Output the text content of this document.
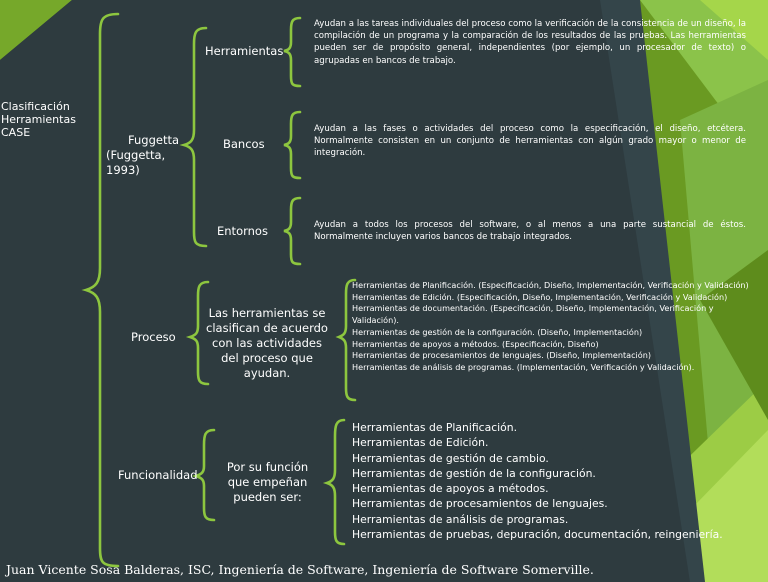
Clasificación

Herramientas

CASE

Fuggetta

(Fuggetta,

1993)

Herramientas
Ayudan a las tareas individuales del proceso como la verificación de la consistencia de un diseño, la compilación de un programa y la comparación de los resultados de las pruebas. Las herramientas pueden ser de propósito general, independientes (por ejemplo, un procesador de texto) o agrupadas en bancos de trabajo.
Bancos
Ayudan a las fases o actividades del proceso como la especificación, el diseño, etcétera. Normalmente consisten en un conjunto de herramientas con algún grado mayor o menor de integración.
Entornos	Ayudan a todos los procesos del software, o al menos a una parte sustancial de éstos. Normalmente incluyen varios bancos de trabajo integrados.
Proceso
Las herramientas se clasifican de acuerdo con las actividades del proceso que ayudan.

Herramientas de Planificación. (Especificación, Diseño, Implementación, Verificación y Validación)

Herramientas de Edición. (Especificación, Diseño, Implementación, Verificación y Validación)

Herramientas de documentación. (Especificación, Diseño, Implementación, Verificación y Validación).

Herramientas de gestión de la configuración. (Diseño, Implementación)

Herramientas de apoyos a métodos. (Especificación, Diseño)

Herramientas de procesamientos de lenguajes. (Diseño, Implementación)

Herramientas de análisis de programas. (Implementación, Verificación y Validación).

Funcionalidad
Por su función que empeñan pueden ser:

Herramientas de Planificación.

Herramientas de Edición.

Herramientas de gestión de cambio.

Herramientas de gestión de la configuración.

Herramientas de apoyos a métodos.

Herramientas de procesamientos de lenguajes.

Herramientas de análisis de programas.

Herramientas de pruebas, depuración, documentación, reingeniería.

Juan Vicente Sosa Balderas, ISC, Ingeniería de Software, Ingeniería de Software Somerville.
